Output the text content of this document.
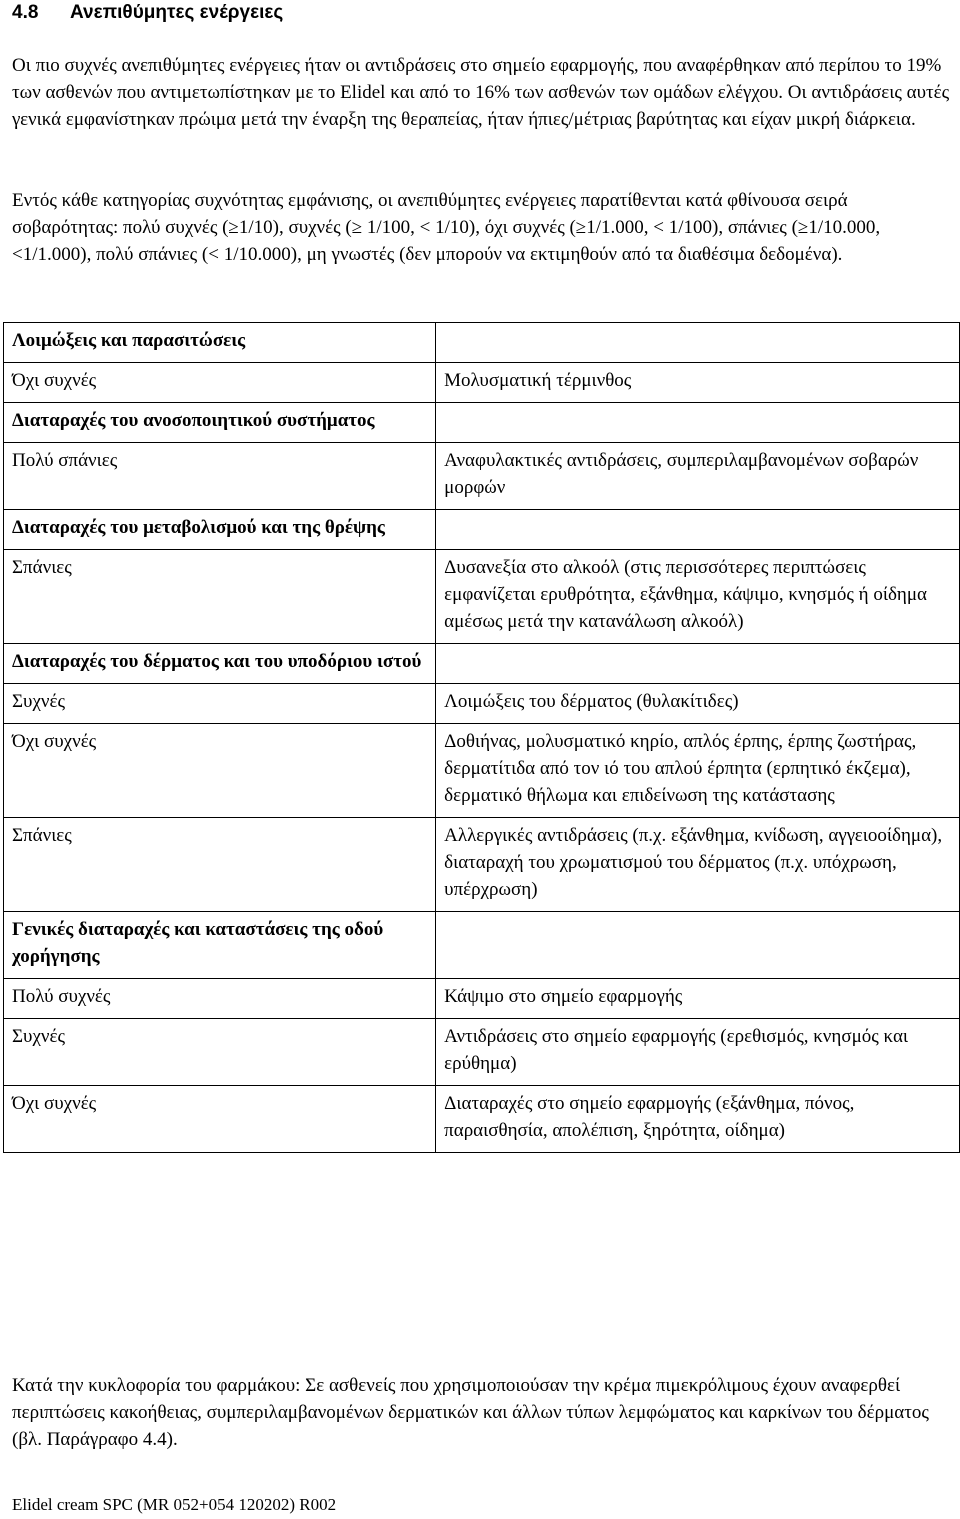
4.8 Ανεπιθύμητες ενέργειες
Οι πιο συχνές ανεπιθύμητες ενέργειες ήταν οι αντιδράσεις στο σημείο εφαρμογής, που αναφέρθηκαν από περίπου το 19% των ασθενών που αντιμετωπίστηκαν με το Elidel και από το 16% των ασθενών των ομάδων ελέγχου. Οι αντιδράσεις αυτές γενικά εμφανίστηκαν πρώιμα μετά την έναρξη της θεραπείας, ήταν ήπιες/μέτριας βαρύτητας και είχαν μικρή διάρκεια.
Εντός κάθε κατηγορίας συχνότητας εμφάνισης, οι ανεπιθύμητες ενέργειες παρατίθενται κατά φθίνουσα σειρά σοβαρότητας: πολύ συχνές (≥1/10), συχνές (≥ 1/100, < 1/10), όχι συχνές (≥1/1.000, < 1/100), σπάνιες (≥1/10.000, <1/1.000), πολύ σπάνιες (< 1/10.000), μη γνωστές (δεν μπορούν να εκτιμηθούν από τα διαθέσιμα δεδομένα).
Λοιμώξεις και παρασιτώσεις	
Όχι συχνές	Μολυσματική τέρμινθος
Διαταραχές του ανοσοποιητικού συστήματος	
Πολύ σπάνιες	Αναφυλακτικές αντιδράσεις, συμπεριλαμβανομένων σοβαρών μορφών
Διαταραχές του μεταβολισμού και της θρέψης	
Σπάνιες	Δυσανεξία στο αλκοόλ (στις περισσότερες περιπτώσεις εμφανίζεται ερυθρότητα, εξάνθημα, κάψιμο, κνησμός ή οίδημα αμέσως μετά την κατανάλωση αλκοόλ)
Διαταραχές του δέρματος και του υποδόριου ιστού	
Συχνές	Λοιμώξεις του δέρματος (θυλακίτιδες)
Όχι συχνές	Δοθιήνας, μολυσματικό κηρίο, απλός έρπης, έρπης ζωστήρας, δερματίτιδα από τον ιό του απλού έρπητα (ερπητικό έκζεμα), δερματικό θήλωμα και επιδείνωση της κατάστασης
Σπάνιες	Αλλεργικές αντιδράσεις (π.χ. εξάνθημα, κνίδωση, αγγειοοίδημα), διαταραχή του χρωματισμού του δέρματος (π.χ. υπόχρωση, υπέρχρωση)
Γενικές διαταραχές και καταστάσεις της οδού χορήγησης	
Πολύ συχνές	Κάψιμο στο σημείο εφαρμογής
Συχνές	Αντιδράσεις στο σημείο εφαρμογής (ερεθισμός, κνησμός και ερύθημα)
Όχι συχνές	Διαταραχές στο σημείο εφαρμογής (εξάνθημα, πόνος, παραισθησία, απολέπιση, ξηρότητα, οίδημα)
Κατά την κυκλοφορία του φαρμάκου: Σε ασθενείς που χρησιμοποιούσαν την κρέμα πιμεκρόλιμους έχουν αναφερθεί περιπτώσεις κακοήθειας, συμπεριλαμβανομένων δερματικών και άλλων τύπων λεμφώματος και καρκίνων του δέρματος (βλ. Παράγραφο 4.4).
Elidel cream SPC (MR 052+054 120202) R002
